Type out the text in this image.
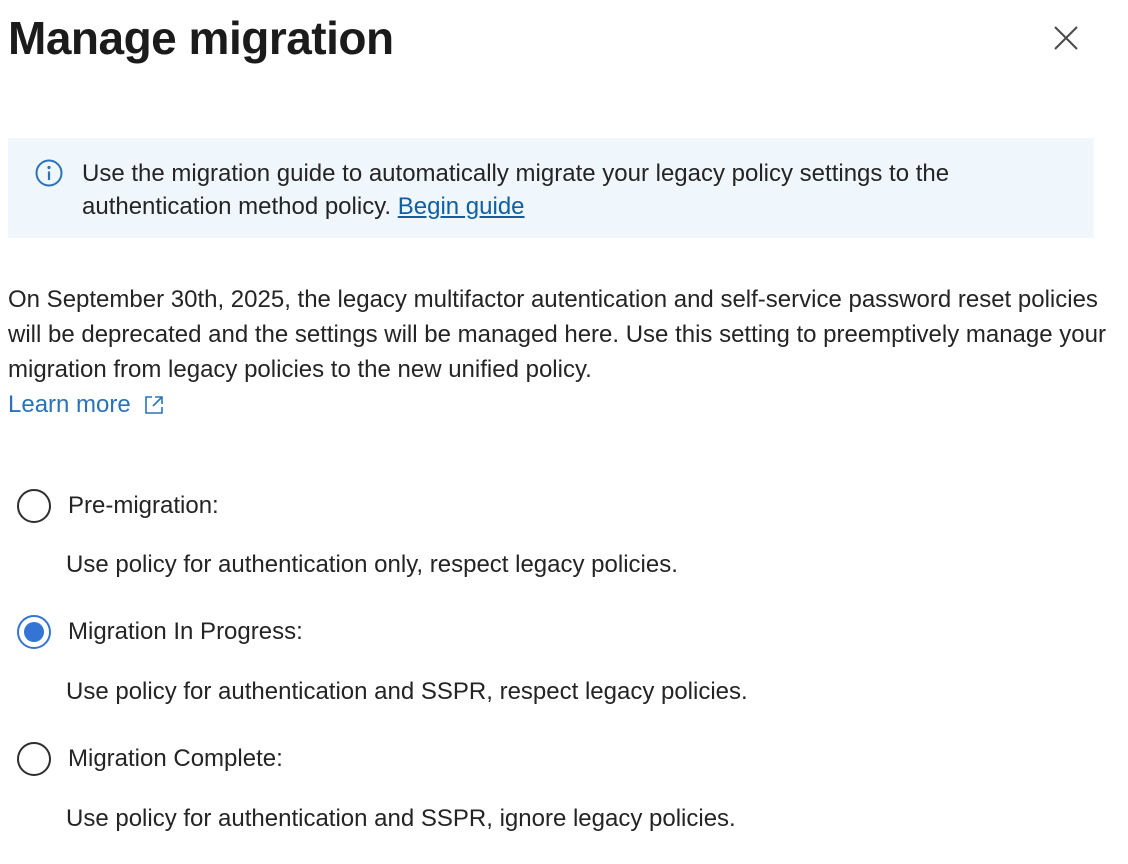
Manage migration
Use the migration guide to automatically migrate your legacy policy settings to the authentication method policy. Begin guide
On September 30th, 2025, the legacy multifactor autentication and self-service password reset policies will be deprecated and the settings will be managed here. Use this setting to preemptively manage your migration from legacy policies to the new unified policy.
Learn more
Pre-migration:
Use policy for authentication only, respect legacy policies.
Migration In Progress:
Use policy for authentication and SSPR, respect legacy policies.
Migration Complete:
Use policy for authentication and SSPR, ignore legacy policies.
